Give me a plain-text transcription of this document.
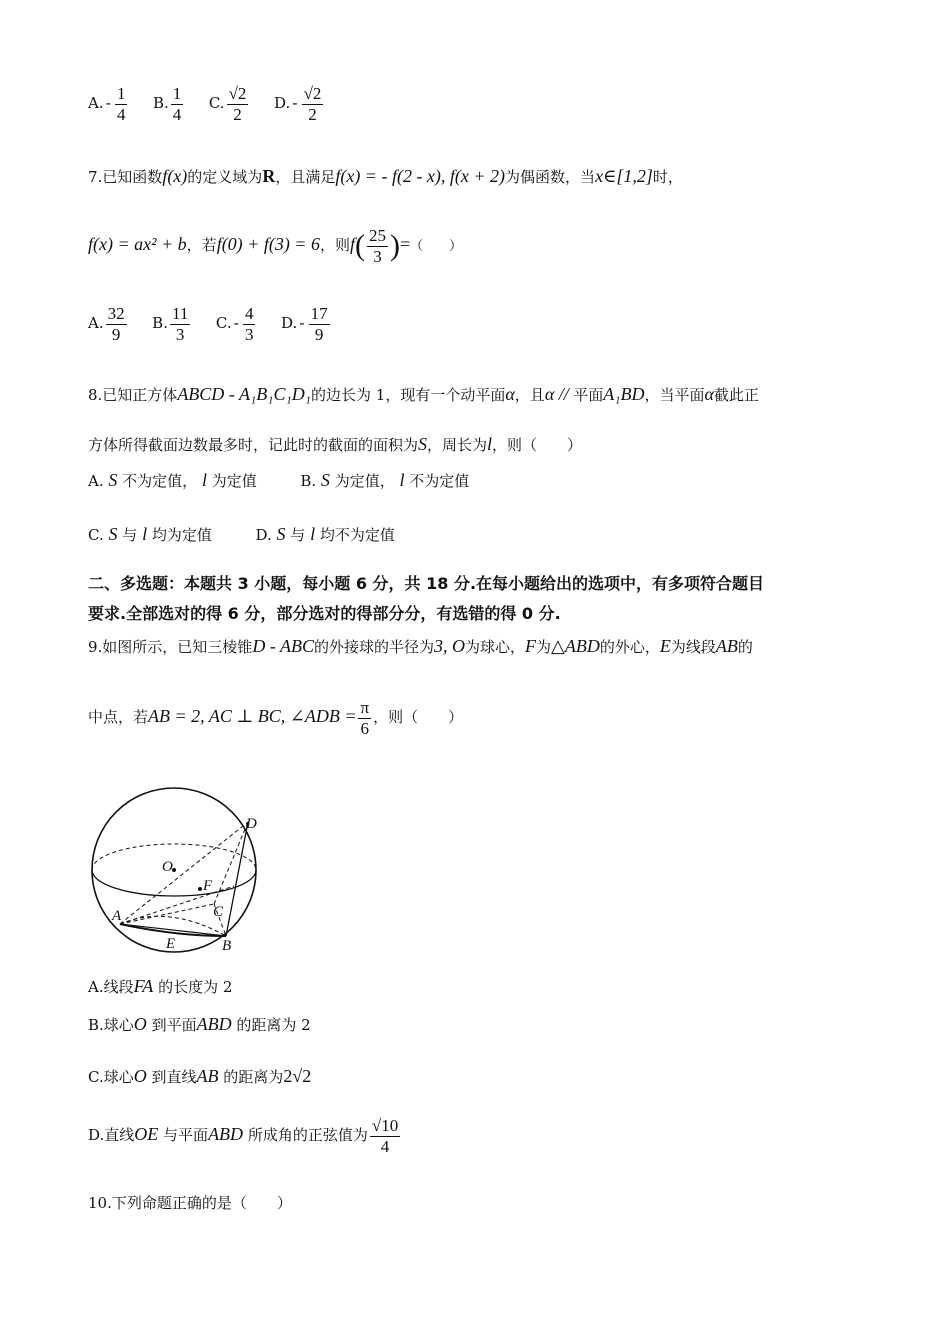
A. - $\frac{1}{4} B$. $\frac{1}{4} C$. $\frac{√2}{2} D$. - $\frac{√2}{2}$
7.已知函数f(x)的定义域为R，且满足f(x) = - f(2 - x), f(x + 2)为偶函数，当x∈[1,2]时，
f(x) = ax² + b，若f(0) + f(3) = 6，则$f( \frac{25}{3}$ )=（　　）
A. $\frac{32}{9} B$. $\frac{11}{3} C$. - $\frac{4}{3} D$. - $\frac{17}{9}$
8.已知正方体ABCD - A₁B₁C₁D₁的边长为 1，现有一个动平面α，且α // 平面A₁BD，当平面α截此正
方体所得截面边数最多时，记此时的截面的面积为S，周长为l，则（　　）
A. S 不为定值， l 为定值	B. S 为定值， l 不为定值
C. S 与 l 均为定值	D. S 与 l 均不为定值
二、多选题：本题共 3 小题，每小题 6 分，共 18 分.在每小题给出的选项中，有多项符合题目
要求.全部选对的得 6 分，部分选对的得部分分，有选错的得 0 分.
9.如图所示，已知三棱锥D - ABC的外接球的半径为3, O为球心，F为△ABD的外心，E为线段AB的
中点，若AB = 2, AC ⊥ BC, ∠ADB = $\frac{\pi}{6}$ ，则（　　）
O
F
D
A	C
B
E
A.线段FA 的长度为 2
B.球心O 到平面ABD 的距离为 2
C.球心O 到直线AB 的距离为2√2
D.直线OE 与平面ABD 所成角的正弦值为 $\frac{√10}{4}$
10.下列命题正确的是（　　）
